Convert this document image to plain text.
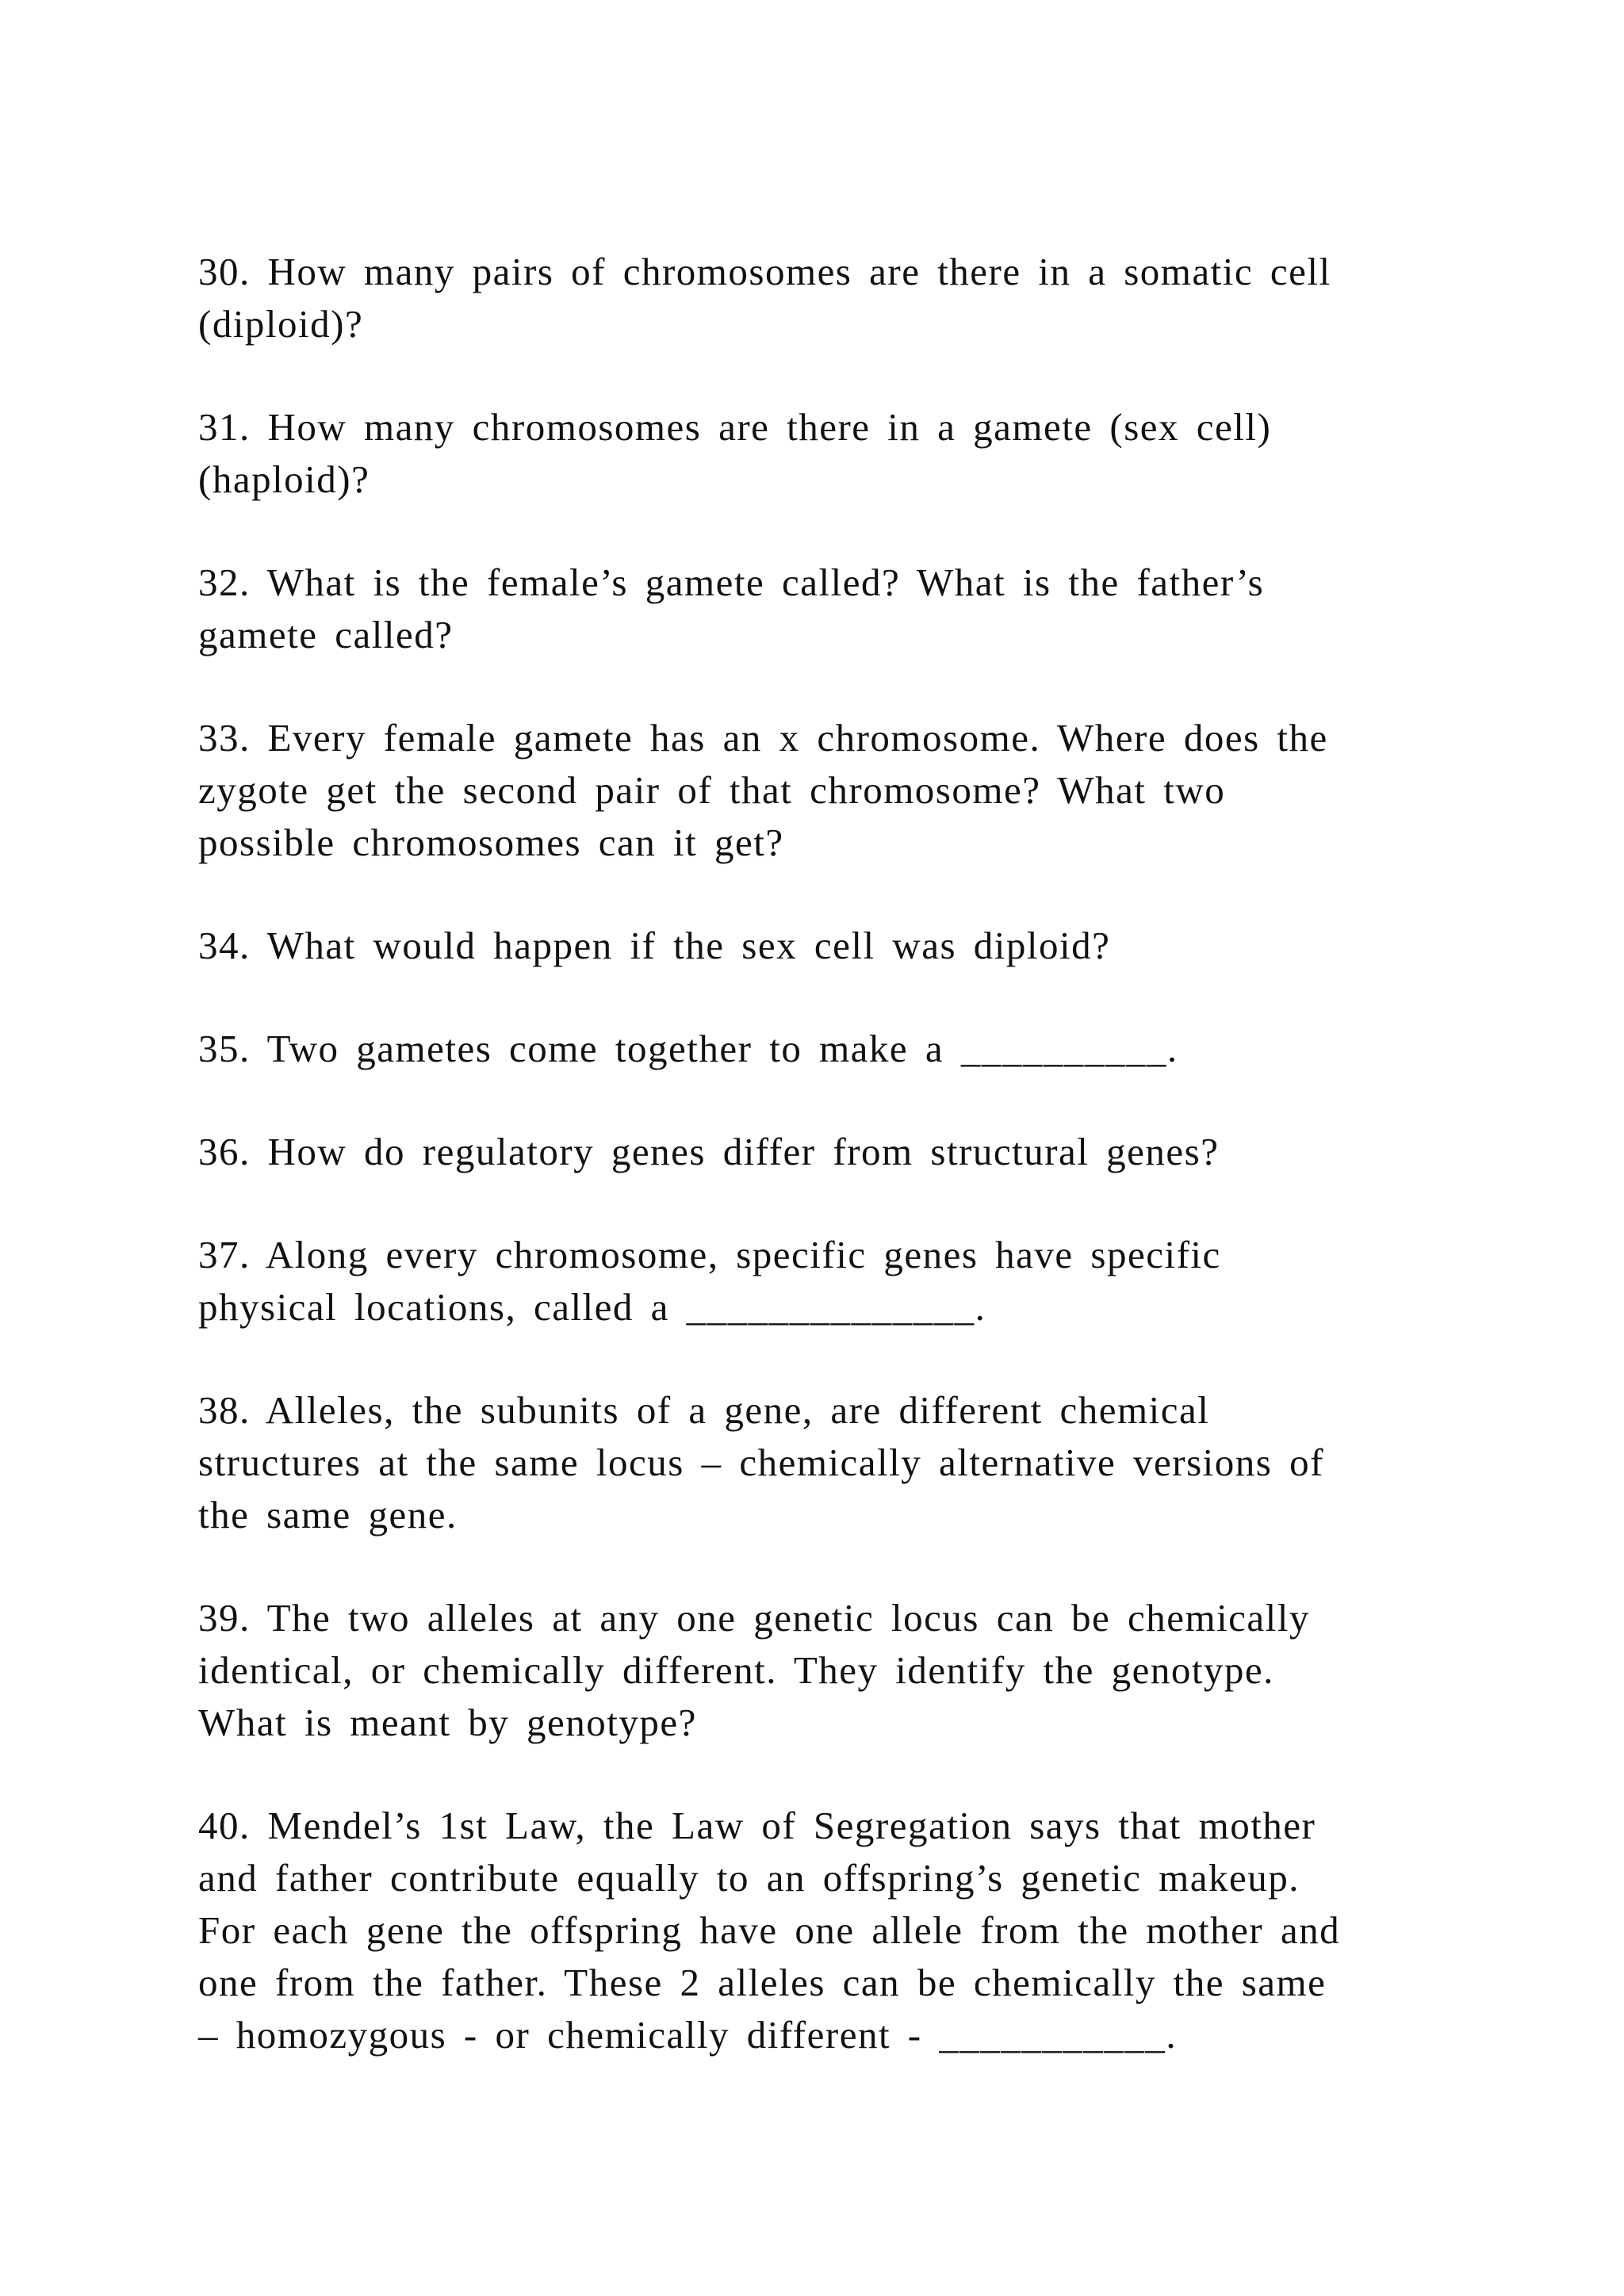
30. How many pairs of chromosomes are there in a somatic cell
(diploid)?

31. How many chromosomes are there in a gamete (sex cell)
(haploid)?

32. What is the female’s gamete called? What is the father’s
gamete called?

33. Every female gamete has an x chromosome. Where does the
zygote get the second pair of that chromosome? What two
possible chromosomes can it get?

34. What would happen if the sex cell was diploid?

35. Two gametes come together to make a __________.

36. How do regulatory genes differ from structural genes?

37. Along every chromosome, specific genes have specific
physical locations, called a ______________.

38. Alleles, the subunits of a gene, are different chemical
structures at the same locus – chemically alternative versions of
the same gene.

39. The two alleles at any one genetic locus can be chemically
identical, or chemically different. They identify the genotype.
What is meant by genotype?

40. Mendel’s 1st Law, the Law of Segregation says that mother
and father contribute equally to an offspring’s genetic makeup.
For each gene the offspring have one allele from the mother and
one from the father. These 2 alleles can be chemically the same
– homozygous - or chemically different - ___________.
